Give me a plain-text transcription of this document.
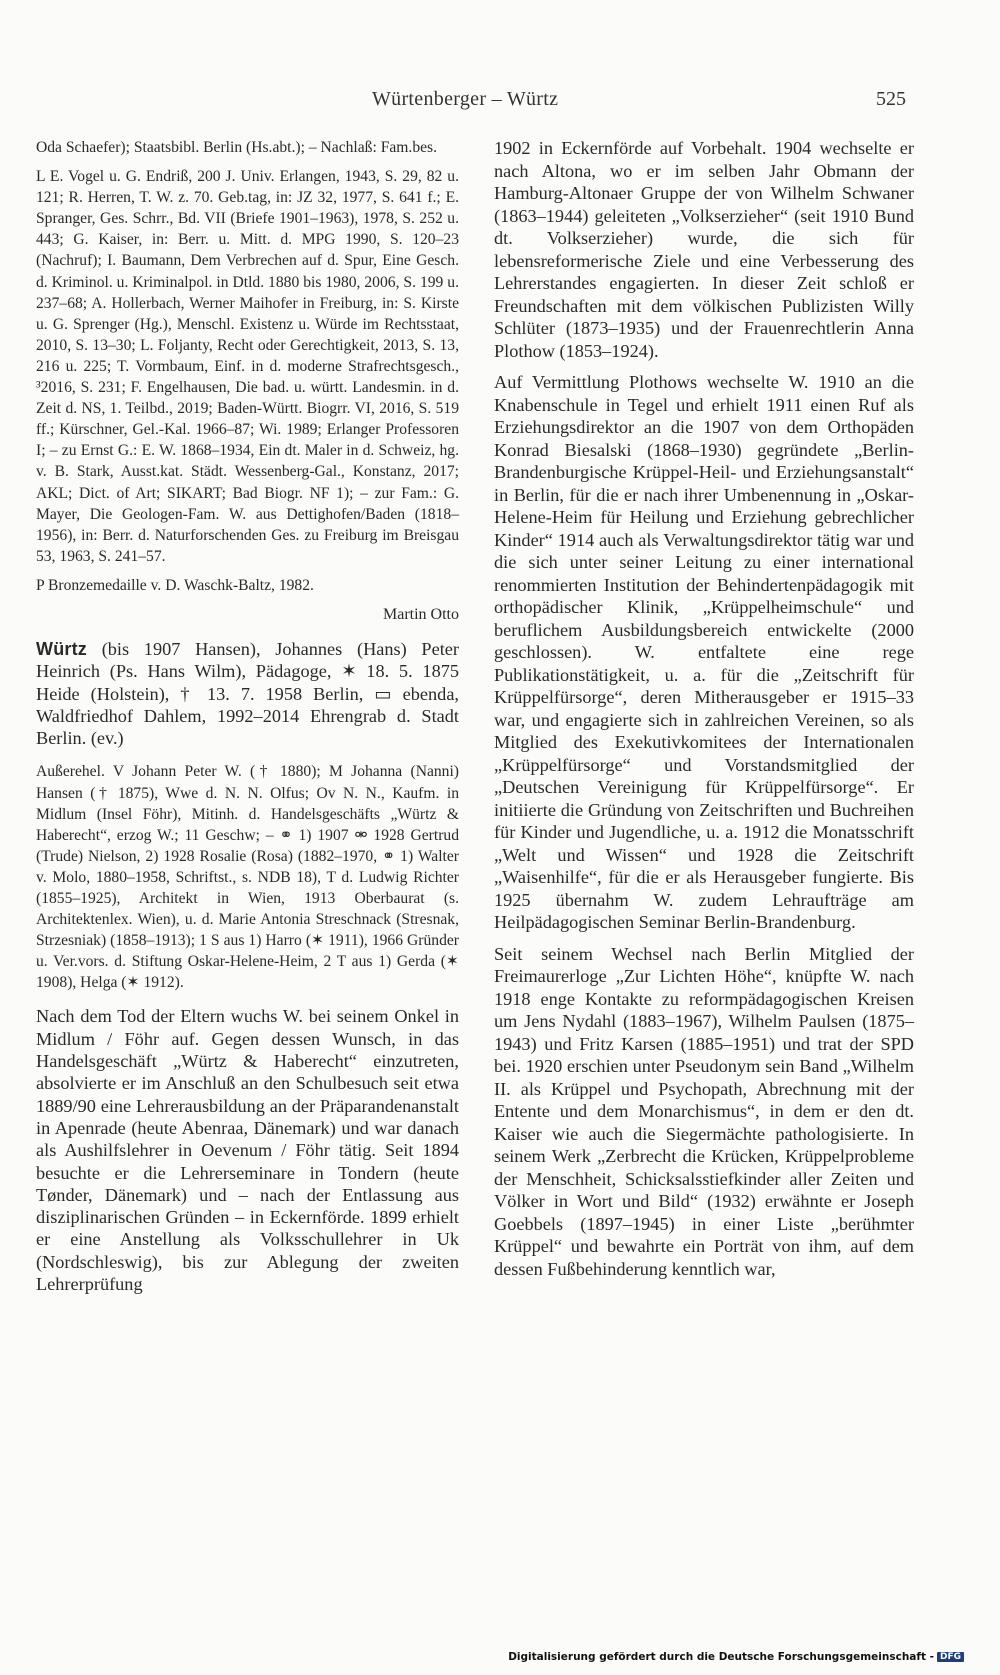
Würtenberger – Würtz	525

Oda Schaefer); Staatsbibl. Berlin (Hs.abt.); – Nachlaß: Fam.bes.

L E. Vogel u. G. Endriß, 200 J. Univ. Erlangen, 1943, S. 29, 82 u. 121; R. Herren, T. W. z. 70. Geb.tag, in: JZ 32, 1977, S. 641 f.; E. Spranger, Ges. Schrr., Bd. VII (Briefe 1901–1963), 1978, S. 252 u. 443; G. Kaiser, in: Berr. u. Mitt. d. MPG 1990, S. 120–23 (Nachruf); I. Baumann, Dem Verbrechen auf d. Spur, Eine Gesch. d. Kriminol. u. Kriminalpol. in Dtld. 1880 bis 1980, 2006, S. 199 u. 237–68; A. Hollerbach, Werner Maihofer in Freiburg, in: S. Kirste u. G. Sprenger (Hg.), Menschl. Existenz u. Würde im Rechtsstaat, 2010, S. 13–30; L. Foljanty, Recht oder Gerechtigkeit, 2013, S. 13, 216 u. 225; T. Vormbaum, Einf. in d. moderne Strafrechtsgesch., ³2016, S. 231; F. Engelhausen, Die bad. u. württ. Landesmin. in d. Zeit d. NS, 1. Teilbd., 2019; Baden-Württ. Biogrr. VI, 2016, S. 519 ff.; Kürschner, Gel.-Kal. 1966–87; Wi. 1989; Erlanger Professoren I; – zu Ernst G.: E. W. 1868–1934, Ein dt. Maler in d. Schweiz, hg. v. B. Stark, Ausst.kat. Städt. Wessenberg-Gal., Konstanz, 2017; AKL; Dict. of Art; SIKART; Bad Biogr. NF 1); – zur Fam.: G. Mayer, Die Geologen-Fam. W. aus Dettighofen/Baden (1818–1956), in: Berr. d. Naturforschenden Ges. zu Freiburg im Breisgau 53, 1963, S. 241–57.

P Bronzemedaille v. D. Waschk-Baltz, 1982.

Martin Otto

Würtz (bis 1907 Hansen), Johannes (Hans) Peter Heinrich (Ps. Hans Wilm), Pädagoge, ✶ 18. 5. 1875 Heide (Holstein), † 13. 7. 1958 Berlin, ▭ ebenda, Waldfriedhof Dahlem, 1992–2014 Ehrengrab d. Stadt Berlin. (ev.)

Außerehel. V Johann Peter W. († 1880); M Johanna (Nanni) Hansen († 1875), Wwe d. N. N. Olfus; Ov N. N., Kaufm. in Midlum (Insel Föhr), Mitinh. d. Handelsgeschäfts „Würtz & Haberecht“, erzog W.; 11 Geschw; – ⚭ 1) 1907 ⚮ 1928 Gertrud (Trude) Nielson, 2) 1928 Rosalie (Rosa) (1882–1970, ⚭ 1) Walter v. Molo, 1880–1958, Schriftst., s. NDB 18), T d. Ludwig Richter (1855–1925), Architekt in Wien, 1913 Oberbaurat (s. Architektenlex. Wien), u. d. Marie Antonia Streschnack (Stresnak, Strzesniak) (1858–1913); 1 S aus 1) Harro (✶ 1911), 1966 Gründer u. Ver.vors. d. Stiftung Oskar-Helene-Heim, 2 T aus 1) Gerda (✶ 1908), Helga (✶ 1912).

Nach dem Tod der Eltern wuchs W. bei seinem Onkel in Midlum / Föhr auf. Gegen dessen Wunsch, in das Handelsgeschäft „Würtz & Haberecht“ einzutreten, absolvierte er im Anschluß an den Schulbesuch seit etwa 1889/90 eine Lehrerausbildung an der Präparandenanstalt in Apenrade (heute Abenraa, Dänemark) und war danach als Aushilfslehrer in Oevenum / Föhr tätig. Seit 1894 besuchte er die Lehrerseminare in Tondern (heute Tønder, Dänemark) und – nach der Entlassung aus disziplinarischen Gründen – in Eckernförde. 1899 erhielt er eine Anstellung als Volksschullehrer in Uk (Nordschleswig), bis zur Ablegung der zweiten Lehrerprüfung

1902 in Eckernförde auf Vorbehalt. 1904 wechselte er nach Altona, wo er im selben Jahr Obmann der Hamburg-Altonaer Gruppe der von Wilhelm Schwaner (1863–1944) geleiteten „Volkserzieher“ (seit 1910 Bund dt. Volkserzieher) wurde, die sich für lebensreformerische Ziele und eine Verbesserung des Lehrerstandes engagierten. In dieser Zeit schloß er Freundschaften mit dem völkischen Publizisten Willy Schlüter (1873–1935) und der Frauenrechtlerin Anna Plothow (1853–1924).

Auf Vermittlung Plothows wechselte W. 1910 an die Knabenschule in Tegel und erhielt 1911 einen Ruf als Erziehungsdirektor an die 1907 von dem Orthopäden Konrad Biesalski (1868–1930) gegründete „Berlin-Brandenburgische Krüppel-Heil- und Erziehungsanstalt“ in Berlin, für die er nach ihrer Umbenennung in „Oskar-Helene-Heim für Heilung und Erziehung gebrechlicher Kinder“ 1914 auch als Verwaltungsdirektor tätig war und die sich unter seiner Leitung zu einer international renommierten Institution der Behindertenpädagogik mit orthopädischer Klinik, „Krüppelheimschule“ und beruflichem Ausbildungsbereich entwickelte (2000 geschlossen). W. entfaltete eine rege Publikationstätigkeit, u. a. für die „Zeitschrift für Krüppelfürsorge“, deren Mitherausgeber er 1915–33 war, und engagierte sich in zahlreichen Vereinen, so als Mitglied des Exekutivkomitees der Internationalen „Krüppelfürsorge“ und Vorstandsmitglied der „Deutschen Vereinigung für Krüppelfürsorge“. Er initiierte die Gründung von Zeitschriften und Buchreihen für Kinder und Jugendliche, u. a. 1912 die Monatsschrift „Welt und Wissen“ und 1928 die Zeitschrift „Waisenhilfe“, für die er als Herausgeber fungierte. Bis 1925 übernahm W. zudem Lehraufträge am Heilpädagogischen Seminar Berlin-Brandenburg.

Seit seinem Wechsel nach Berlin Mitglied der Freimaurerloge „Zur Lichten Höhe“, knüpfte W. nach 1918 enge Kontakte zu reformpädagogischen Kreisen um Jens Nydahl (1883–1967), Wilhelm Paulsen (1875–1943) und Fritz Karsen (1885–1951) und trat der SPD bei. 1920 erschien unter Pseudonym sein Band „Wilhelm II. als Krüppel und Psychopath, Abrechnung mit der Entente und dem Monarchismus“, in dem er den dt. Kaiser wie auch die Siegermächte pathologisierte. In seinem Werk „Zerbrecht die Krücken, Krüppelprobleme der Menschheit, Schicksalsstiefkinder aller Zeiten und Völker in Wort und Bild“ (1932) erwähnte er Joseph Goebbels (1897–1945) in einer Liste „berühmter Krüppel“ und bewahrte ein Porträt von ihm, auf dem dessen Fußbehinderung kenntlich war,

Digitalisierung gefördert durch die Deutsche Forschungsgemeinschaft - DFG
